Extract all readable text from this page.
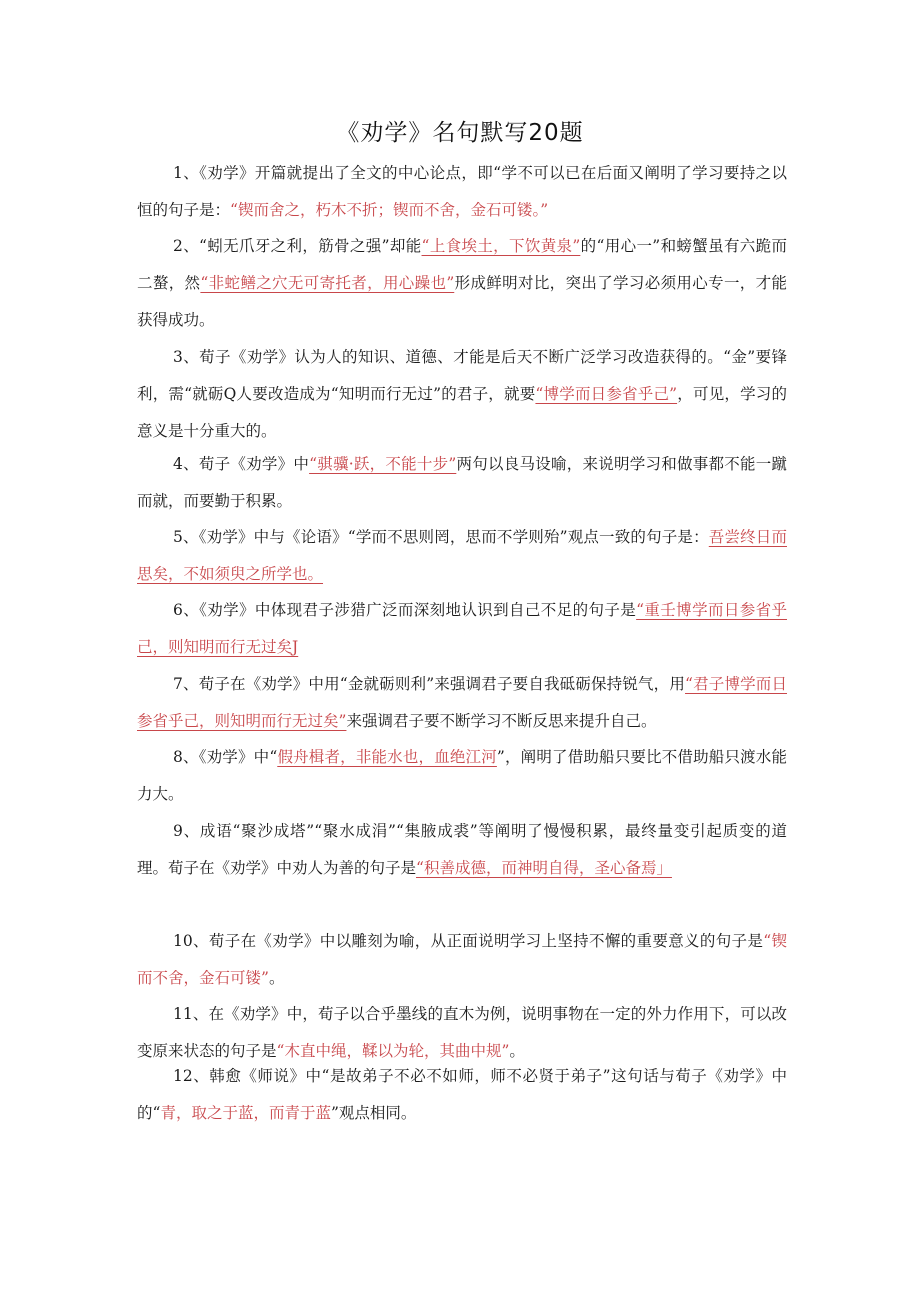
《劝学》名句默写20题
1、《劝学》开篇就提出了全文的中心论点，即“学不可以已在后面又阐明了学习要持之以恒的句子是：“锲而舍之，朽木不折；锲而不舍，金石可镂。”
2、“蚓无爪牙之利，筋骨之强”却能“上食埃土，下饮黄泉”的“用心一”和螃蟹虽有六跪而二螯，然“非蛇鳝之穴无可寄托者，用心躁也”形成鲜明对比，突出了学习必须用心专一，才能获得成功。
3、荀子《劝学》认为人的知识、道德、才能是后天不断广泛学习改造获得的。“金”要锋利，需“就砺Q人要改造成为“知明而行无过”的君子，就要“博学而日参省乎己”，可见，学习的意义是十分重大的。
4、荀子《劝学》中“骐骥·跃，不能十步”两句以良马设喻，来说明学习和做事都不能一蹴而就，而要勤于积累。
5、《劝学》中与《论语》“学而不思则罔，思而不学则殆”观点一致的句子是：吾尝终日而思矣，不如须臾之所学也。
6、《劝学》中体现君子涉猎广泛而深刻地认识到自己不足的句子是“重壬博学而日参省乎己，则知明而行无过矣J
7、荀子在《劝学》中用“金就砺则利”来强调君子要自我砥砺保持锐气，用“君子博学而日参省乎己，则知明而行无过矣”来强调君子要不断学习不断反思来提升自己。
8、《劝学》中“假舟楫者，非能水也，血绝江河”，阐明了借助船只要比不借助船只渡水能力大。
9、成语“聚沙成塔”“聚水成涓”“集腋成裘”等阐明了慢慢积累，最终量变引起质变的道理。荀子在《劝学》中劝人为善的句子是“积善成德，而神明自得，圣心备焉」
10、荀子在《劝学》中以雕刻为喻，从正面说明学习上坚持不懈的重要意义的句子是“锲而不舍，金石可镂”。
11、在《劝学》中，荀子以合乎墨线的直木为例，说明事物在一定的外力作用下，可以改变原来状态的句子是“木直中绳，鞣以为轮，其曲中规”。
12、韩愈《师说》中“是故弟子不必不如师，师不必贤于弟子”这句话与荀子《劝学》中的“青，取之于蓝，而青于蓝”观点相同。
